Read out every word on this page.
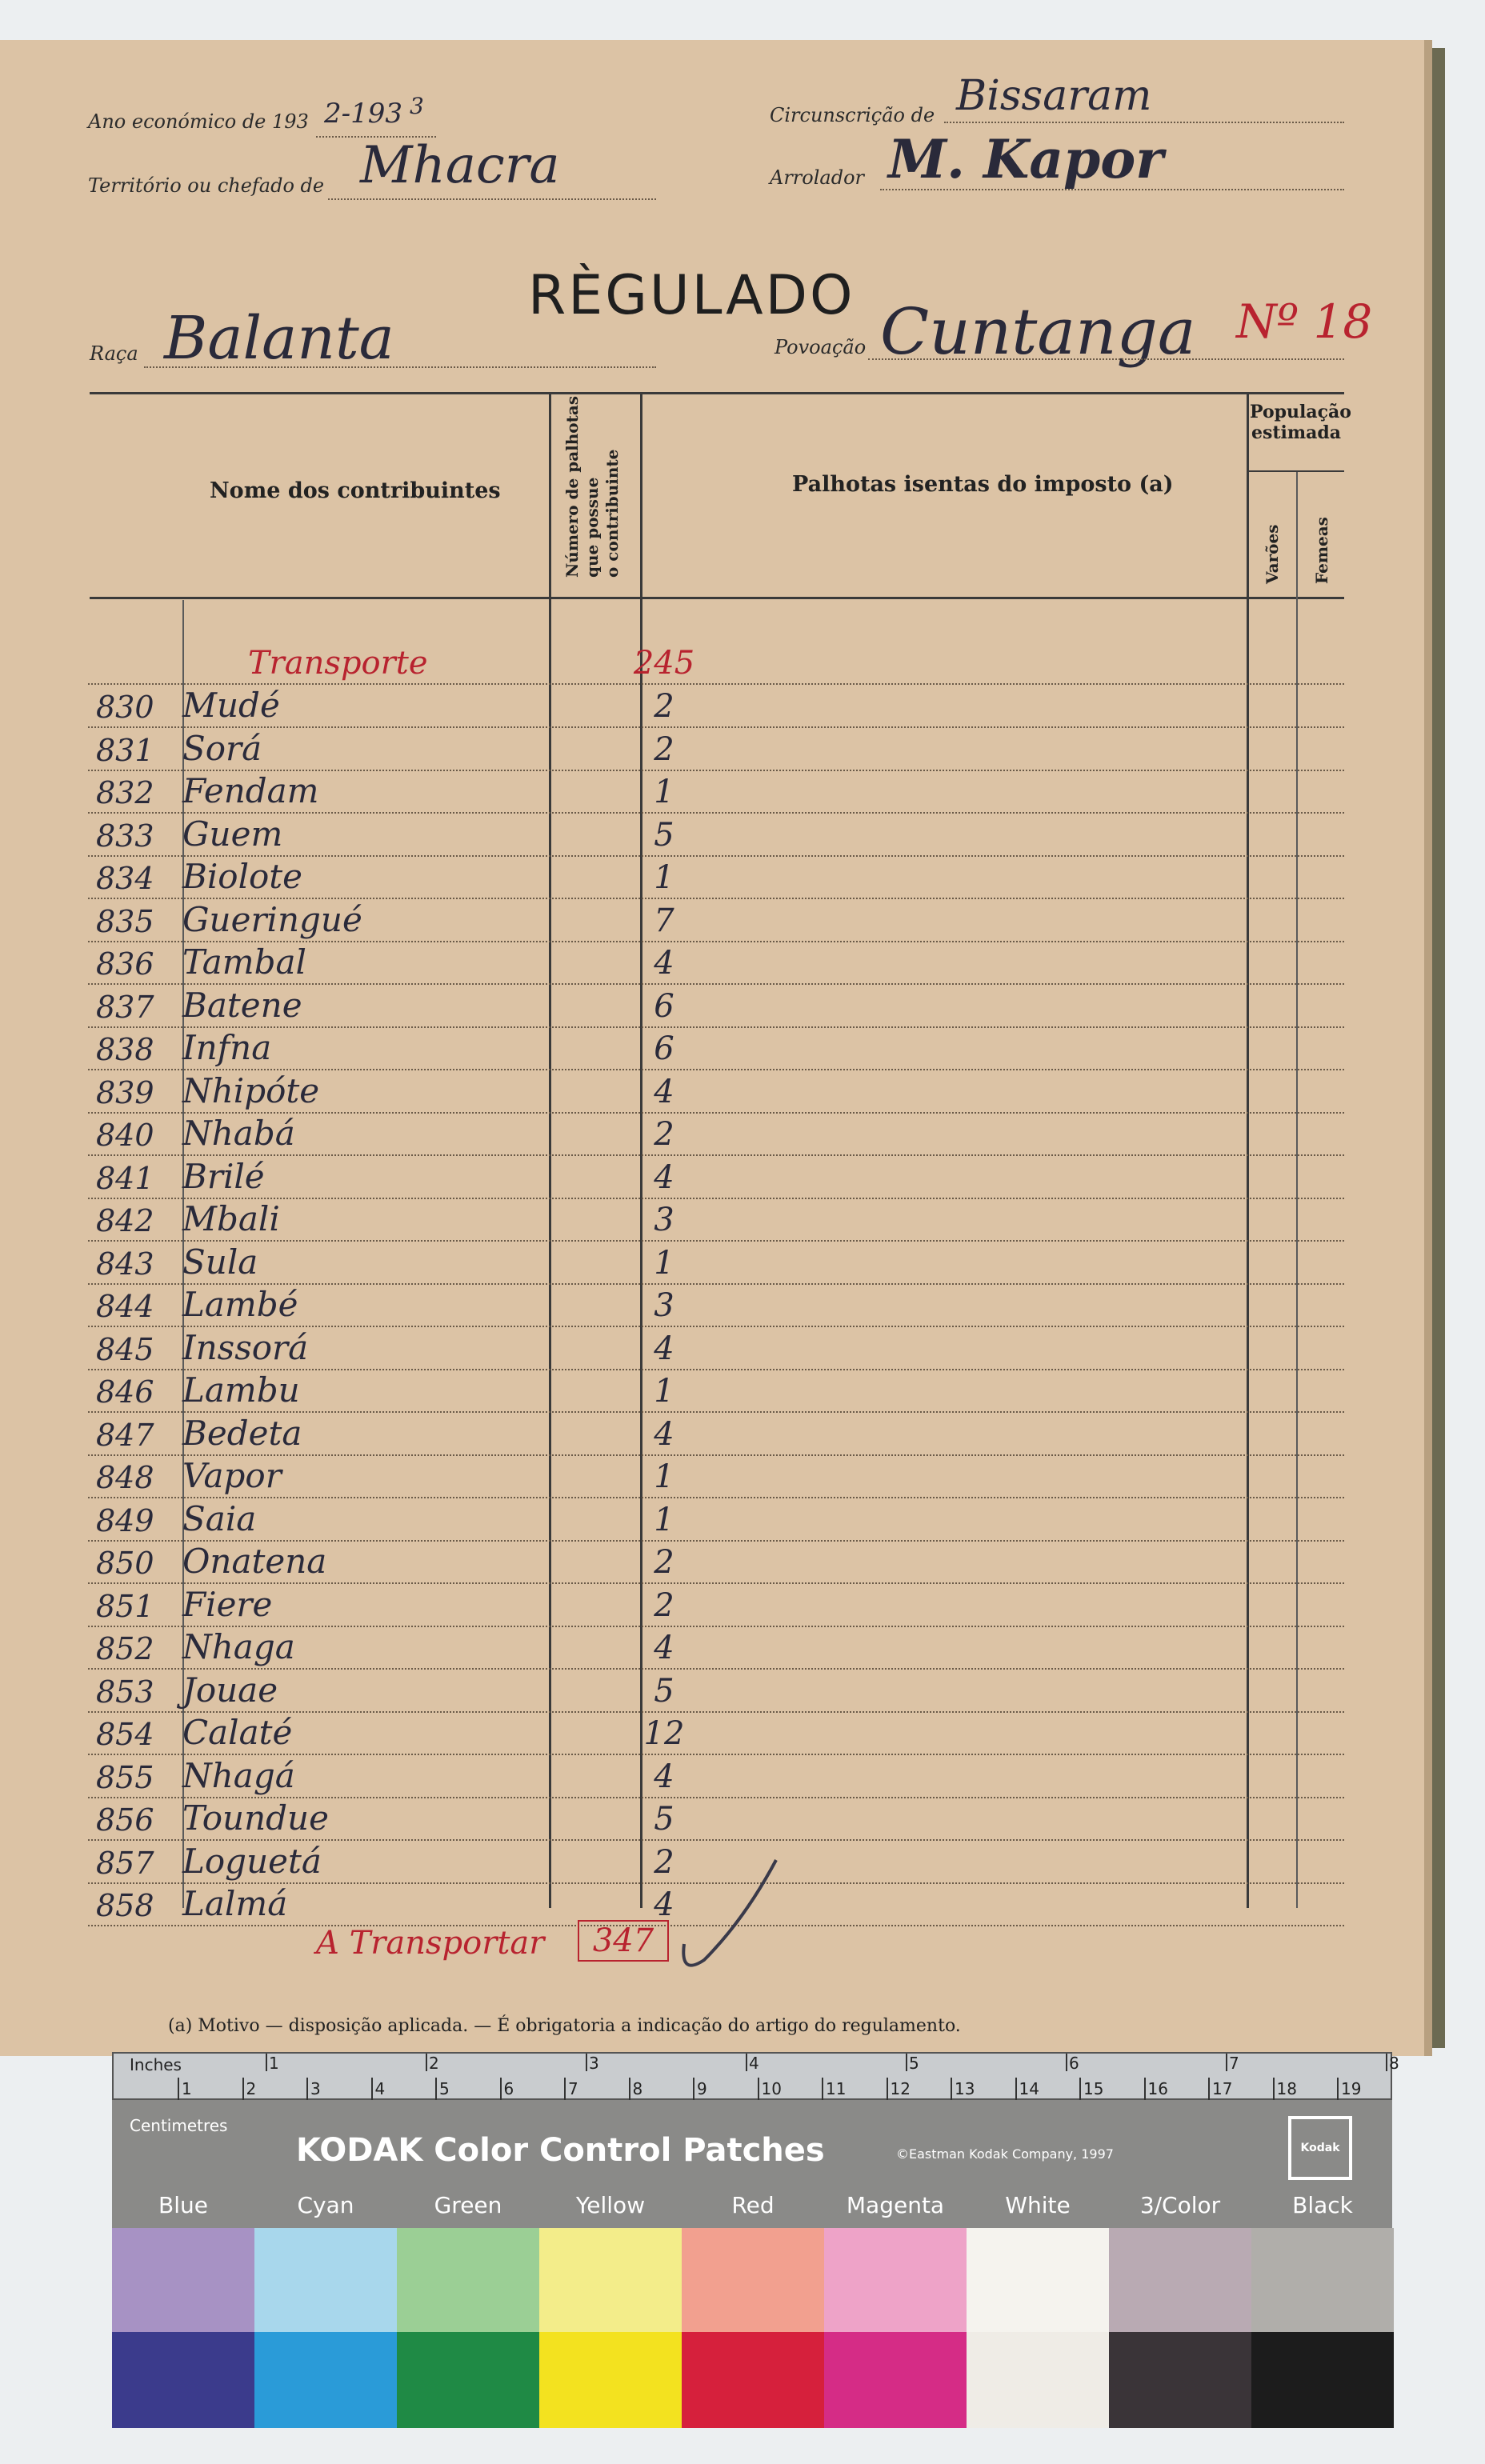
Ano económico de 193 2-193 3	Circunscrição de Bissaram
Território ou chefado de Mhacra	Arrolador M. Kapor
RÈGULADO
Raça Balanta	Povoação Cuntanga Nº 18
Nome dos contribuintes	Número de palhotas que possue o contribuinte	Palhotas isentas do imposto (a)
População estimada
Varões Femeas
Transporte	245
830 Mudé	2
831 Sorá	2
832 Fendam	1
833 Guem	5
834 Biolote	1
835 Gueringué	7
836 Tambal	4
837 Batene	6
838 Infna	6
839 Nhipóte	4
840 Nhabá	2
841 Brilé	4
842 Mbali	3
843 Sula	1
844 Lambé	3
845 Inssorá	4
846 Lambu	1
847 Bedeta	4
848 Vapor	1
849 Saia	1
850 Onatena	2
851 Fiere	2
852 Nhaga	4
853 Jouae	5
854 Calaté	12
855 Nhagá	4
856 Toundue	5
857 Loguetá	2
858 Lalmá	4
A Transportar	347
(a) Motivo — disposição aplicada. — É obrigatoria a indicação do artigo do regulamento.
Inches	1	2	3	4	5	6	7	8
1	2	3	4	5	6	7	8	9	10	11	12	13	14	15	16	17	18	19
Centimetres
KODAK Color Control Patches	©Eastman Kodak Company, 1997	Kodak
Blue	Cyan	Green	Yellow	Red	Magenta	White	3/Color	Black
